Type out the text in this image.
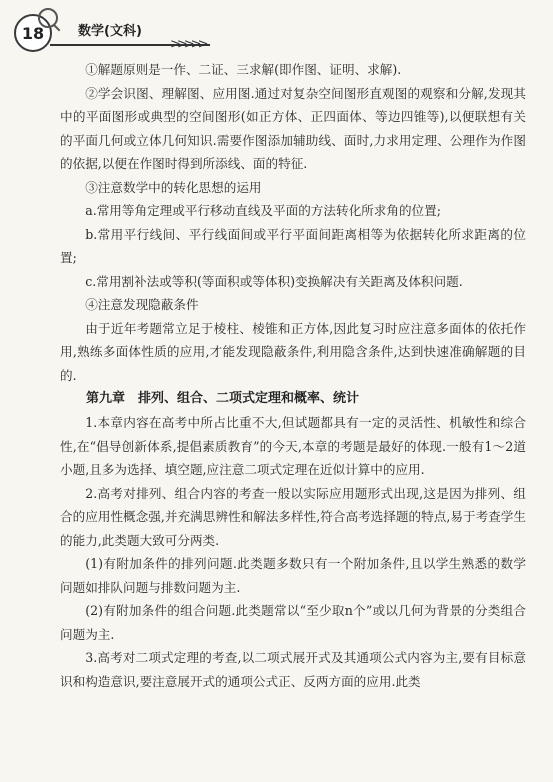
18	数学(文科)
>>>>>

①解题原则是一作、二证、三求解(即作图、证明、求解).

②学会识图、理解图、应用图.通过对复杂空间图形直观图的观察和分解,发现其中的平面图形或典型的空间图形(如正方体、正四面体、等边四锥等),以便联想有关的平面几何或立体几何知识.需要作图添加辅助线、面时,力求用定理、公理作为作图的依据,以便在作图时得到所添线、面的特征.

③注意数学中的转化思想的运用

a.常用等角定理或平行移动直线及平面的方法转化所求角的位置;

b.常用平行线间、平行线面间或平行平面间距离相等为依据转化所求距离的位置;

c.常用割补法或等积(等面积或等体积)变换解决有关距离及体积问题.

④注意发现隐蔽条件

由于近年考题常立足于棱柱、棱锥和正方体,因此复习时应注意多面体的依托作用,熟练多面体性质的应用,才能发现隐蔽条件,利用隐含条件,达到快速准确解题的目的.

第九章　排列、组合、二项式定理和概率、统计

1.本章内容在高考中所占比重不大,但试题都具有一定的灵活性、机敏性和综合性,在“倡导创新体系,提倡素质教育”的今天,本章的考题是最好的体现.一般有1～2道小题,且多为选择、填空题,应注意二项式定理在近似计算中的应用.

2.高考对排列、组合内容的考查一般以实际应用题形式出现,这是因为排列、组合的应用性概念强,并充满思辨性和解法多样性,符合高考选择题的特点,易于考查学生的能力,此类题大致可分两类.

(1)有附加条件的排列问题.此类题多数只有一个附加条件,且以学生熟悉的数学问题如排队问题与排数问题为主.

(2)有附加条件的组合问题.此类题常以“至少取n个”或以几何为背景的分类组合问题为主.

3.高考对二项式定理的考查,以二项式展开式及其通项公式内容为主,要有目标意识和构造意识,要注意展开式的通项公式正、反两方面的应用.此类
